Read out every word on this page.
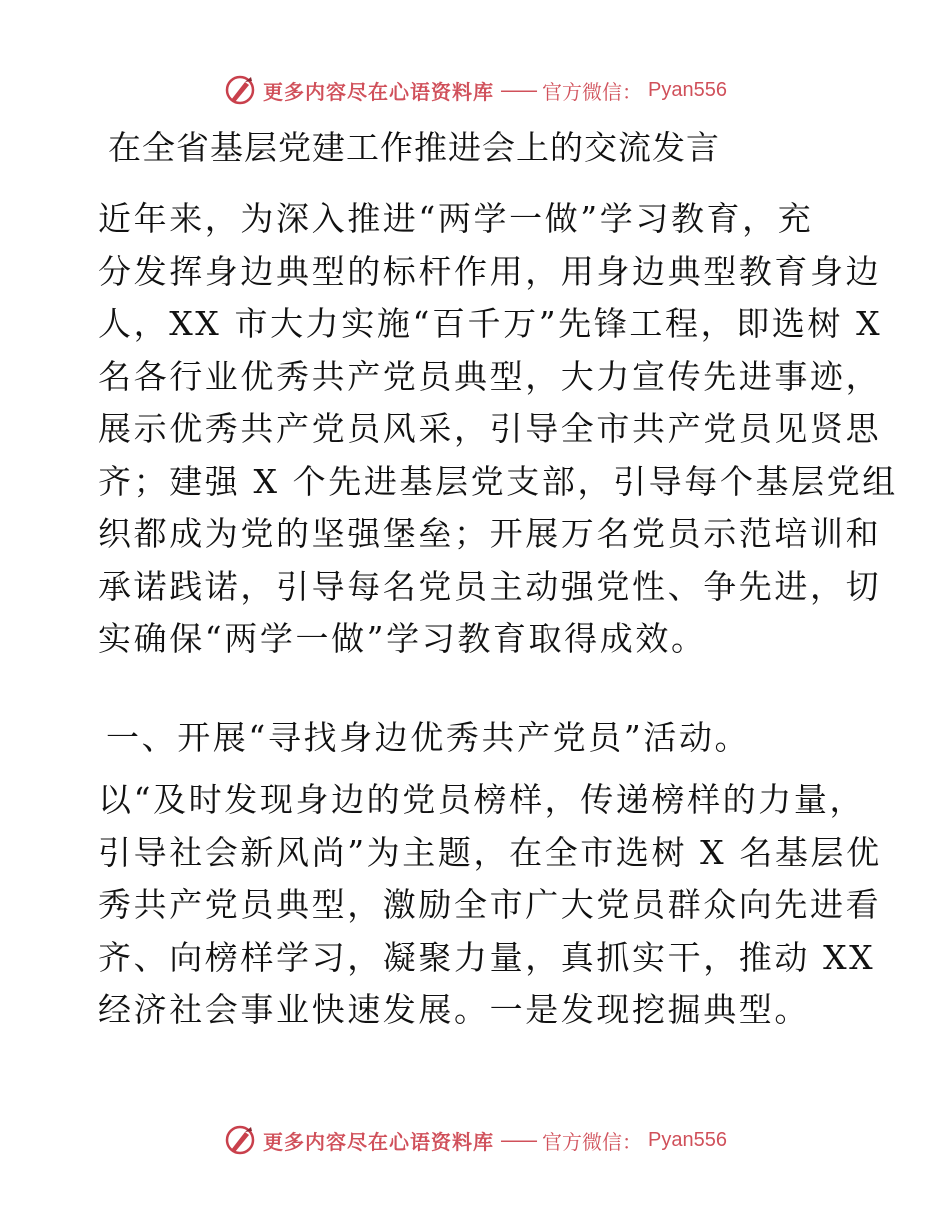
更多内容尽在心语资料库 —— 官方微信： Pyan556
在全省基层党建工作推进会上的交流发言
近年来，为深入推进“两学一做”学习教育，充
分发挥身边典型的标杆作用，用身边典型教育身边
人，XX 市大力实施“百千万”先锋工程，即选树 X
名各行业优秀共产党员典型，大力宣传先进事迹，
展示优秀共产党员风采，引导全市共产党员见贤思
齐；建强 X 个先进基层党支部，引导每个基层党组
织都成为党的坚强堡垒；开展万名党员示范培训和
承诺践诺，引导每名党员主动强党性、争先进，切
实确保“两学一做”学习教育取得成效。
一、开展“寻找身边优秀共产党员”活动。
以“及时发现身边的党员榜样，传递榜样的力量，
引导社会新风尚”为主题，在全市选树 X 名基层优
秀共产党员典型，激励全市广大党员群众向先进看
齐、向榜样学习，凝聚力量，真抓实干，推动 XX
经济社会事业快速发展。一是发现挖掘典型。
更多内容尽在心语资料库 —— 官方微信： Pyan556
